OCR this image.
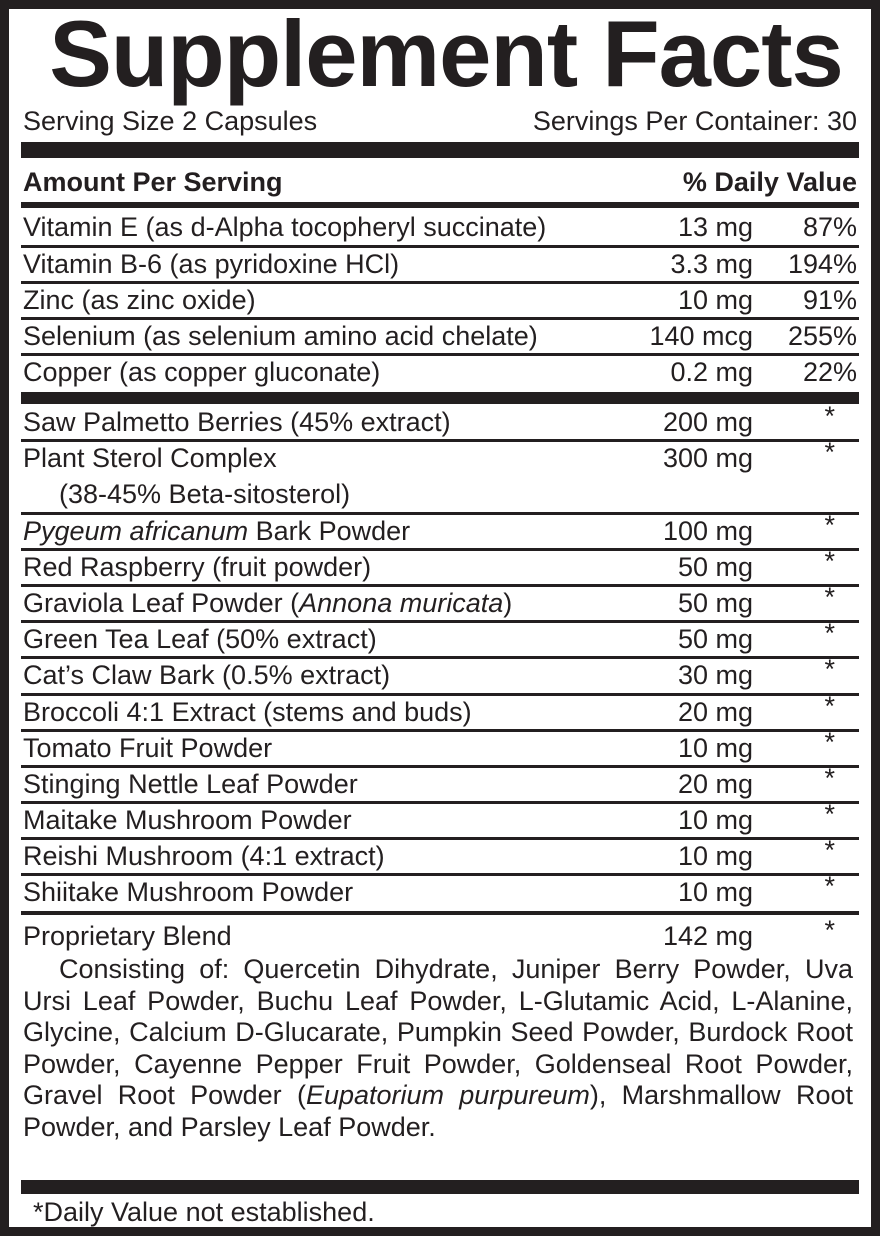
Supplement Facts
Serving Size 2 Capsules	Servings Per Container: 30
Amount Per Serving	% Daily Value
Vitamin E (as d-Alpha tocopheryl succinate)	13 mg 87%
Vitamin B-6 (as pyridoxine HCl)	3.3 mg 194%
Zinc (as zinc oxide)	10 mg 91%
Selenium (as selenium amino acid chelate)	140 mcg 255%
Copper (as copper gluconate)	0.2 mg 22%
Saw Palmetto Berries (45% extract)	200 mg	*
Plant Sterol Complex
(38-45% Beta-sitosterol)
300 mg	*
Pygeum africanum Bark Powder	100 mg	*
Red Raspberry (fruit powder)	50 mg	*
Graviola Leaf Powder (Annona muricata)	50 mg	*
Green Tea Leaf (50% extract)	50 mg	*
Cat’s Claw Bark (0.5% extract)	30 mg	*
Broccoli 4:1 Extract (stems and buds)	20 mg	*
Tomato Fruit Powder	10 mg	*
Stinging Nettle Leaf Powder	20 mg	*
Maitake Mushroom Powder	10 mg	*
Reishi Mushroom (4:1 extract)	10 mg	*
Shiitake Mushroom Powder	10 mg	*
Proprietary Blend	142 mg	*
Consisting of: Quercetin Dihydrate, Juniper Berry Powder, Uva Ursi Leaf Powder, Buchu Leaf Powder, L-Glutamic Acid, L-Alanine, Glycine, Calcium D-Glucarate, Pumpkin Seed Powder, Burdock Root Powder, Cayenne Pepper Fruit Powder, Goldenseal Root Powder, Gravel Root Powder (Eupatorium purpureum), Marshmallow Root Powder, and Parsley Leaf Powder.
*Daily Value not established.
